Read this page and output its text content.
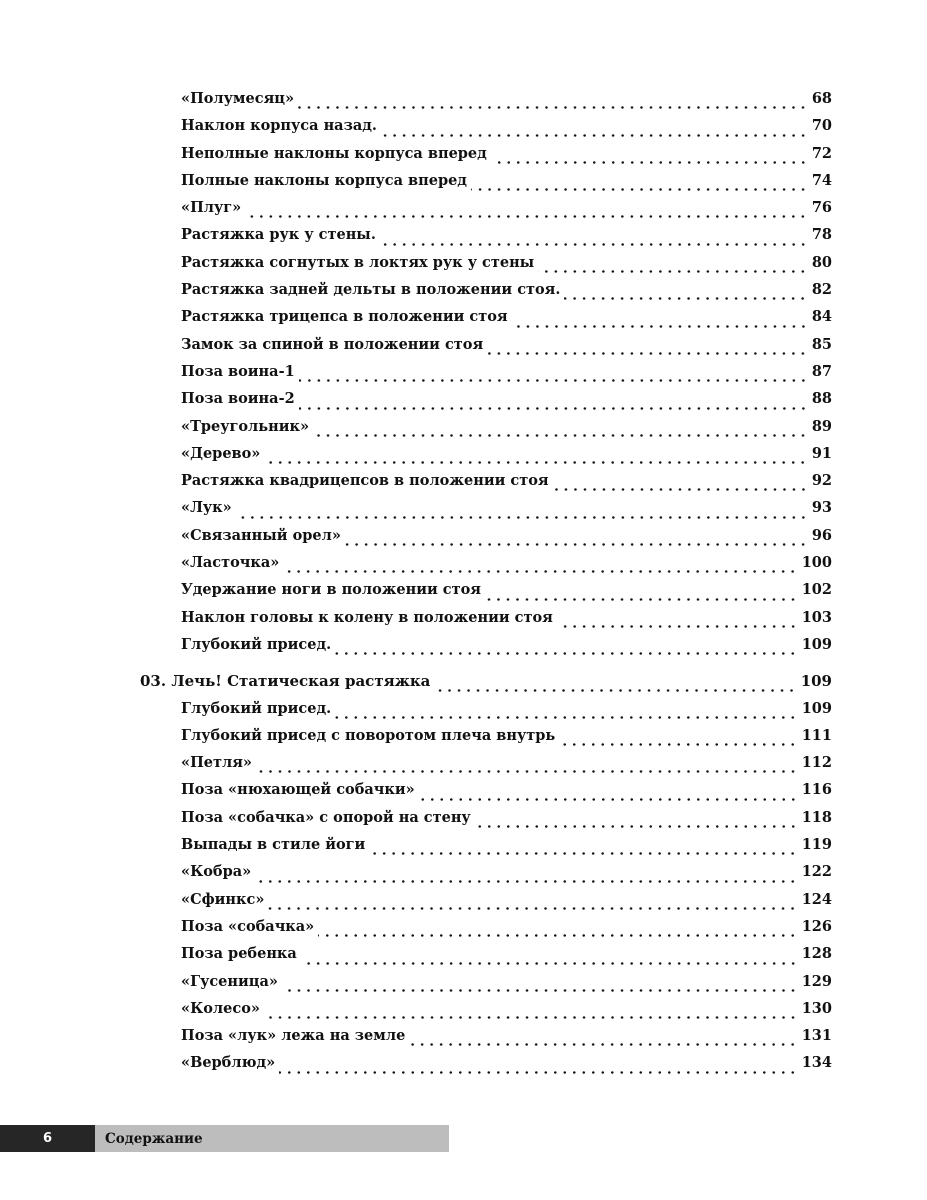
«Полумесяц»	68
Наклон корпуса назад.	70
Неполные наклоны корпуса вперед	72
Полные наклоны корпуса вперед	74
«Плуг»	76
Растяжка рук у стены.	78
Растяжка согнутых в локтях рук у стены	80
Растяжка задней дельты в положении стоя.	82
Растяжка трицепса в положении стоя	84
Замок за спиной в положении стоя	85
Поза воина-1	87
Поза воина-2	88
«Треугольник»	89
«Дерево»	91
Растяжка квадрицепсов в положении стоя	92
«Лук»	93
«Связанный орел»	96
«Ласточка»	100
Удержание ноги в положении стоя	102
Наклон головы к колену в положении стоя	103
Глубокий присед.	109
03. Лечь! Статическая растяжка	109
Глубокий присед.	109
Глубокий присед с поворотом плеча внутрь	111
«Петля»	112
Поза «нюхающей собачки»	116
Поза «собачка» с опорой на стену	118
Выпады в стиле йоги	119
«Кобра»	122
«Сфинкс»	124
Поза «собачка»	126
Поза ребенка	128
«Гусеница»	129
«Колесо»	130
Поза «лук» лежа на земле	131
«Верблюд»	134
6	Содержание
